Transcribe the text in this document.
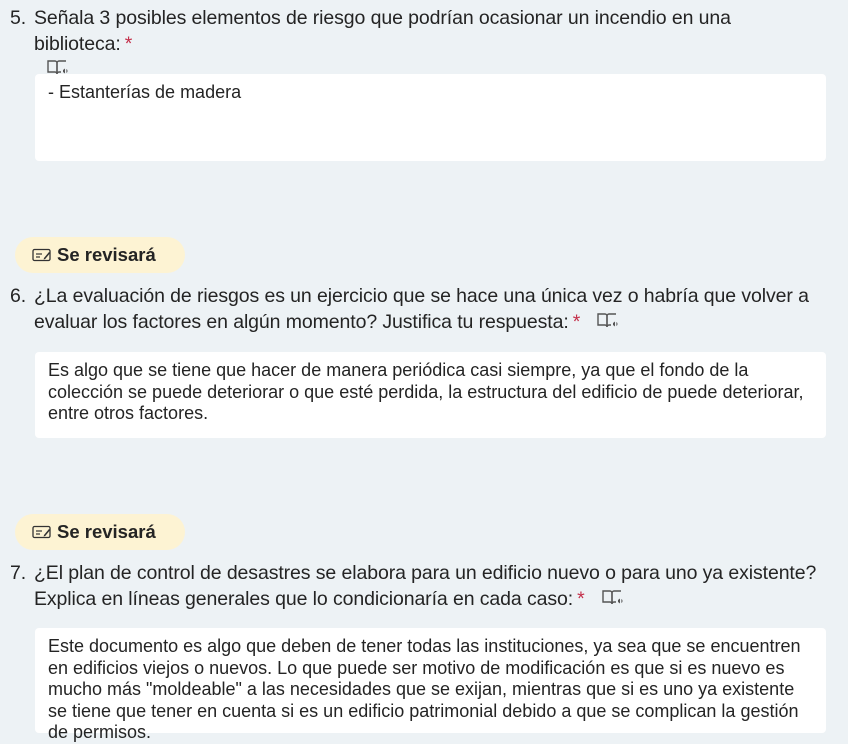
5. Señala 3 posibles elementos de riesgo que podrían ocasionar un incendio en una biblioteca: *
- Estanterías de madera
Se revisará
6. ¿La evaluación de riesgos es un ejercicio que se hace una única vez o habría que volver a evaluar los factores en algún momento? Justifica tu respuesta: *
Es algo que se tiene que hacer de manera periódica casi siempre, ya que el fondo de la colección se puede deteriorar o que esté perdida, la estructura del edificio de puede deteriorar, entre otros factores.
Se revisará
7. ¿El plan de control de desastres se elabora para un edificio nuevo o para uno ya existente? Explica en líneas generales que lo condicionaría en cada caso: *
Este documento es algo que deben de tener todas las instituciones, ya sea que se encuentren en edificios viejos o nuevos. Lo que puede ser motivo de modificación es que si es nuevo es mucho más "moldeable" a las necesidades que se exijan, mientras que si es uno ya existente se tiene que tener en cuenta si es un edificio patrimonial debido a que se complican la gestión de permisos.
